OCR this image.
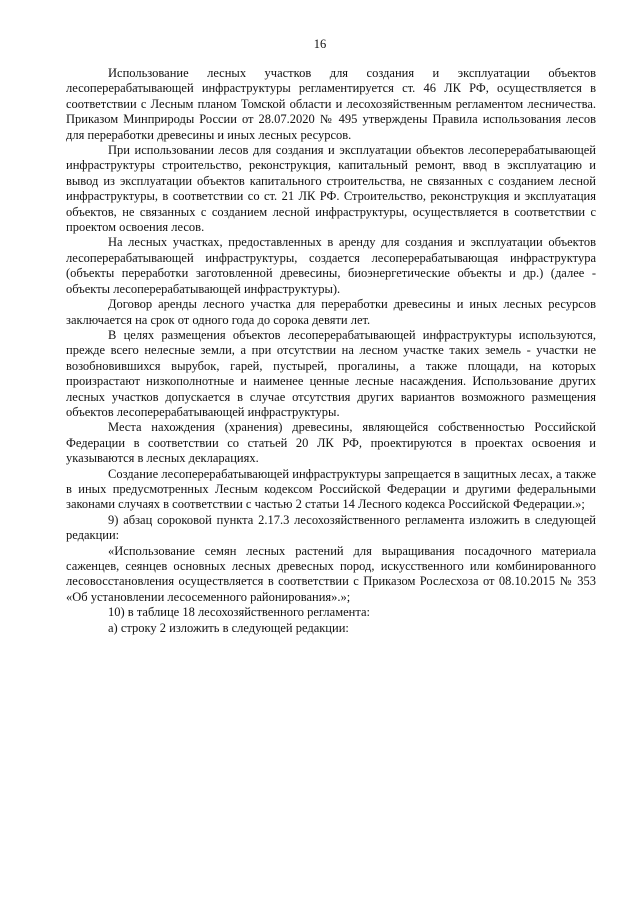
16

Использование лесных участков для создания и эксплуатации объектов лесоперерабатывающей инфраструктуры регламентируется ст. 46 ЛК РФ, осуществляется в соответствии с Лесным планом Томской области и лесохозяйственным регламентом лесничества. Приказом Минприроды России от 28.07.2020 № 495 утверждены Правила использования лесов для переработки древесины и иных лесных ресурсов.

При использовании лесов для создания и эксплуатации объектов лесоперерабатывающей инфраструктуры строительство, реконструкция, капитальный ремонт, ввод в эксплуатацию и вывод из эксплуатации объектов капитального строительства, не связанных с созданием лесной инфраструктуры, в соответствии со ст. 21 ЛК РФ. Строительство, реконструкция и эксплуатация объектов, не связанных с созданием лесной инфраструктуры, осуществляется в соответствии с проектом освоения лесов.

На лесных участках, предоставленных в аренду для создания и эксплуатации объектов лесоперерабатывающей инфраструктуры, создается лесоперерабатывающая инфраструктура (объекты переработки заготовленной древесины, биоэнергетические объекты и др.) (далее - объекты лесоперерабатывающей инфраструктуры).

Договор аренды лесного участка для переработки древесины и иных лесных ресурсов заключается на срок от одного года до сорока девяти лет.

В целях размещения объектов лесоперерабатывающей инфраструктуры используются, прежде всего нелесные земли, а при отсутствии на лесном участке таких земель - участки не возобновившихся вырубок, гарей, пустырей, прогалины, а также площади, на которых произрастают низкополнотные и наименее ценные лесные насаждения. Использование других лесных участков допускается в случае отсутствия других вариантов возможного размещения объектов лесоперерабатывающей инфраструктуры.

Места нахождения (хранения) древесины, являющейся собственностью Российской Федерации в соответствии со статьей 20 ЛК РФ, проектируются в проектах освоения и указываются в лесных декларациях.

Создание лесоперерабатывающей инфраструктуры запрещается в защитных лесах, а также в иных предусмотренных Лесным кодексом Российской Федерации и другими федеральными законами случаях в соответствии с частью 2 статьи 14 Лесного кодекса Российской Федерации.»;

9) абзац сороковой пункта 2.17.3 лесохозяйственного регламента изложить в следующей редакции:

«Использование семян лесных растений для выращивания посадочного материала саженцев, сеянцев основных лесных древесных пород, искусственного или комбинированного лесовосстановления осуществляется в соответствии с Приказом Рослесхоза от 08.10.2015 № 353 «Об установлении лесосеменного районирования».»;

10) в таблице 18 лесохозяйственного регламента:

а) строку 2 изложить в следующей редакции:
